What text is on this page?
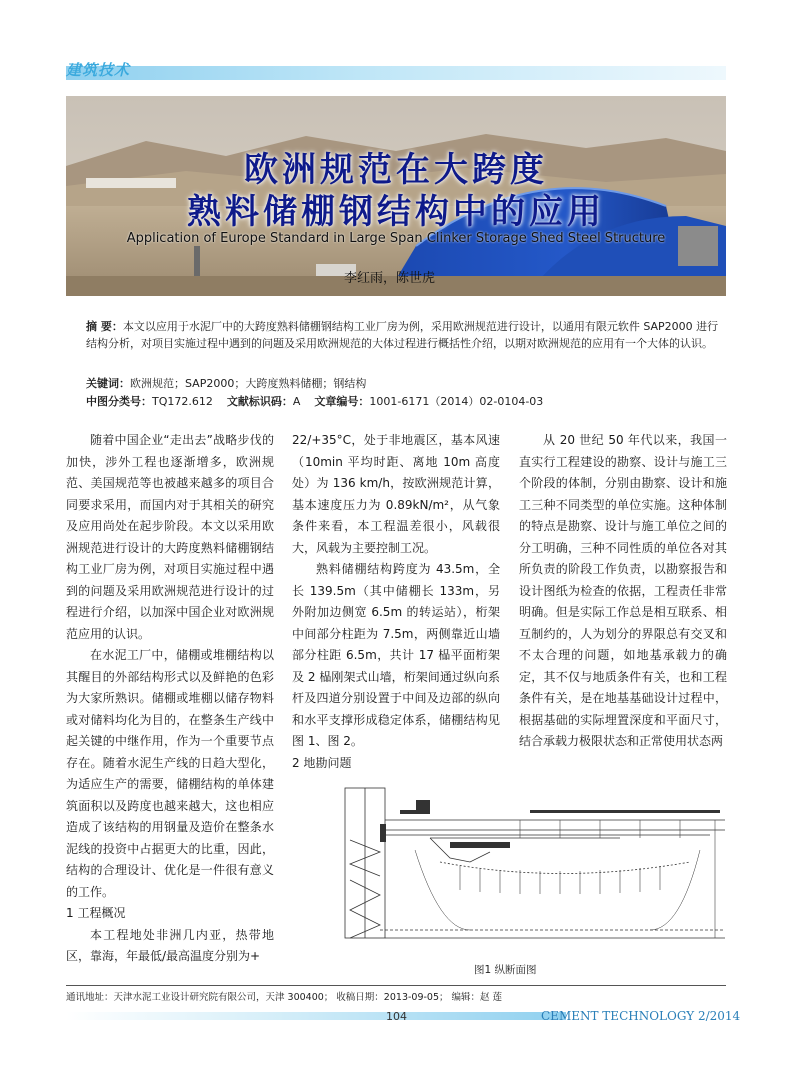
建筑技术
欧洲规范在大跨度
熟料储棚钢结构中的应用
Application of Europe Standard in Large Span Clinker Storage Shed Steel Structure
李红雨，陈世虎
摘 要：本文以应用于水泥厂中的大跨度熟料储棚钢结构工业厂房为例，采用欧洲规范进行设计，以通用有限元软件 SAP2000 进行结构分析，对项目实施过程中遇到的问题及采用欧洲规范的大体过程进行概括性介绍，以期对欧洲规范的应用有一个大体的认识。
关键词：欧洲规范；SAP2000；大跨度熟料储棚；钢结构
中图分类号：TQ172.612 文献标识码：A 文章编号：1001-6171（2014）02-0104-03

随着中国企业“走出去”战略步伐的加快，涉外工程也逐渐增多，欧洲规范、美国规范等也被越来越多的项目合同要求采用，而国内对于其相关的研究及应用尚处在起步阶段。本文以采用欧洲规范进行设计的大跨度熟料储棚钢结构工业厂房为例，对项目实施过程中遇到的问题及采用欧洲规范进行设计的过程进行介绍，以加深中国企业对欧洲规范应用的认识。

在水泥工厂中，储棚或堆棚结构以其醒目的外部结构形式以及鲜艳的色彩为大家所熟识。储棚或堆棚以储存物料或对储料均化为目的，在整条生产线中起关键的中继作用，作为一个重要节点存在。随着水泥生产线的日趋大型化，为适应生产的需要，储棚结构的单体建筑面积以及跨度也越来越大，这也相应造成了该结构的用钢量及造价在整条水泥线的投资中占据更大的比重，因此，结构的合理设计、优化是一件很有意义的工作。

1 工程概况

本工程地处非洲几内亚，热带地区，靠海，年最低/最高温度分别为+

22/+35°C，处于非地震区，基本风速（10min 平均时距、离地 10m 高度处）为 136 km/h，按欧洲规范计算，基本速度压力为 0.89kN/m²，从气象条件来看，本工程温差很小，风载很大，风载为主要控制工况。

熟料储棚结构跨度为 43.5m，全长 139.5m（其中储棚长 133m，另外附加边侧宽 6.5m 的转运站），桁架中间部分柱距为 7.5m，两侧靠近山墙部分柱距 6.5m，共计 17 榀平面桁架及 2 榀刚架式山墙，桁架间通过纵向系杆及四道分别设置于中间及边部的纵向和水平支撑形成稳定体系，储棚结构见图 1、图 2。

2 地勘问题

从 20 世纪 50 年代以来，我国一直实行工程建设的勘察、设计与施工三个阶段的体制，分别由勘察、设计和施工三种不同类型的单位实施。这种体制的特点是勘察、设计与施工单位之间的分工明确，三种不同性质的单位各对其所负责的阶段工作负责，以勘察报告和设计图纸为检查的依据，工程责任非常明确。但是实际工作总是相互联系、相互制约的，人为划分的界限总有交叉和不太合理的问题，如地基承载力的确定，其不仅与地质条件有关，也和工程条件有关，是在地基基础设计过程中，根据基础的实际埋置深度和平面尺寸，结合承载力极限状态和正常使用状态两

图1 纵断面图
通讯地址：天津水泥工业设计研究院有限公司，天津 300400； 收稿日期：2013-09-05； 编辑：赵 莲
104	CEMENT TECHNOLOGY 2/2014
